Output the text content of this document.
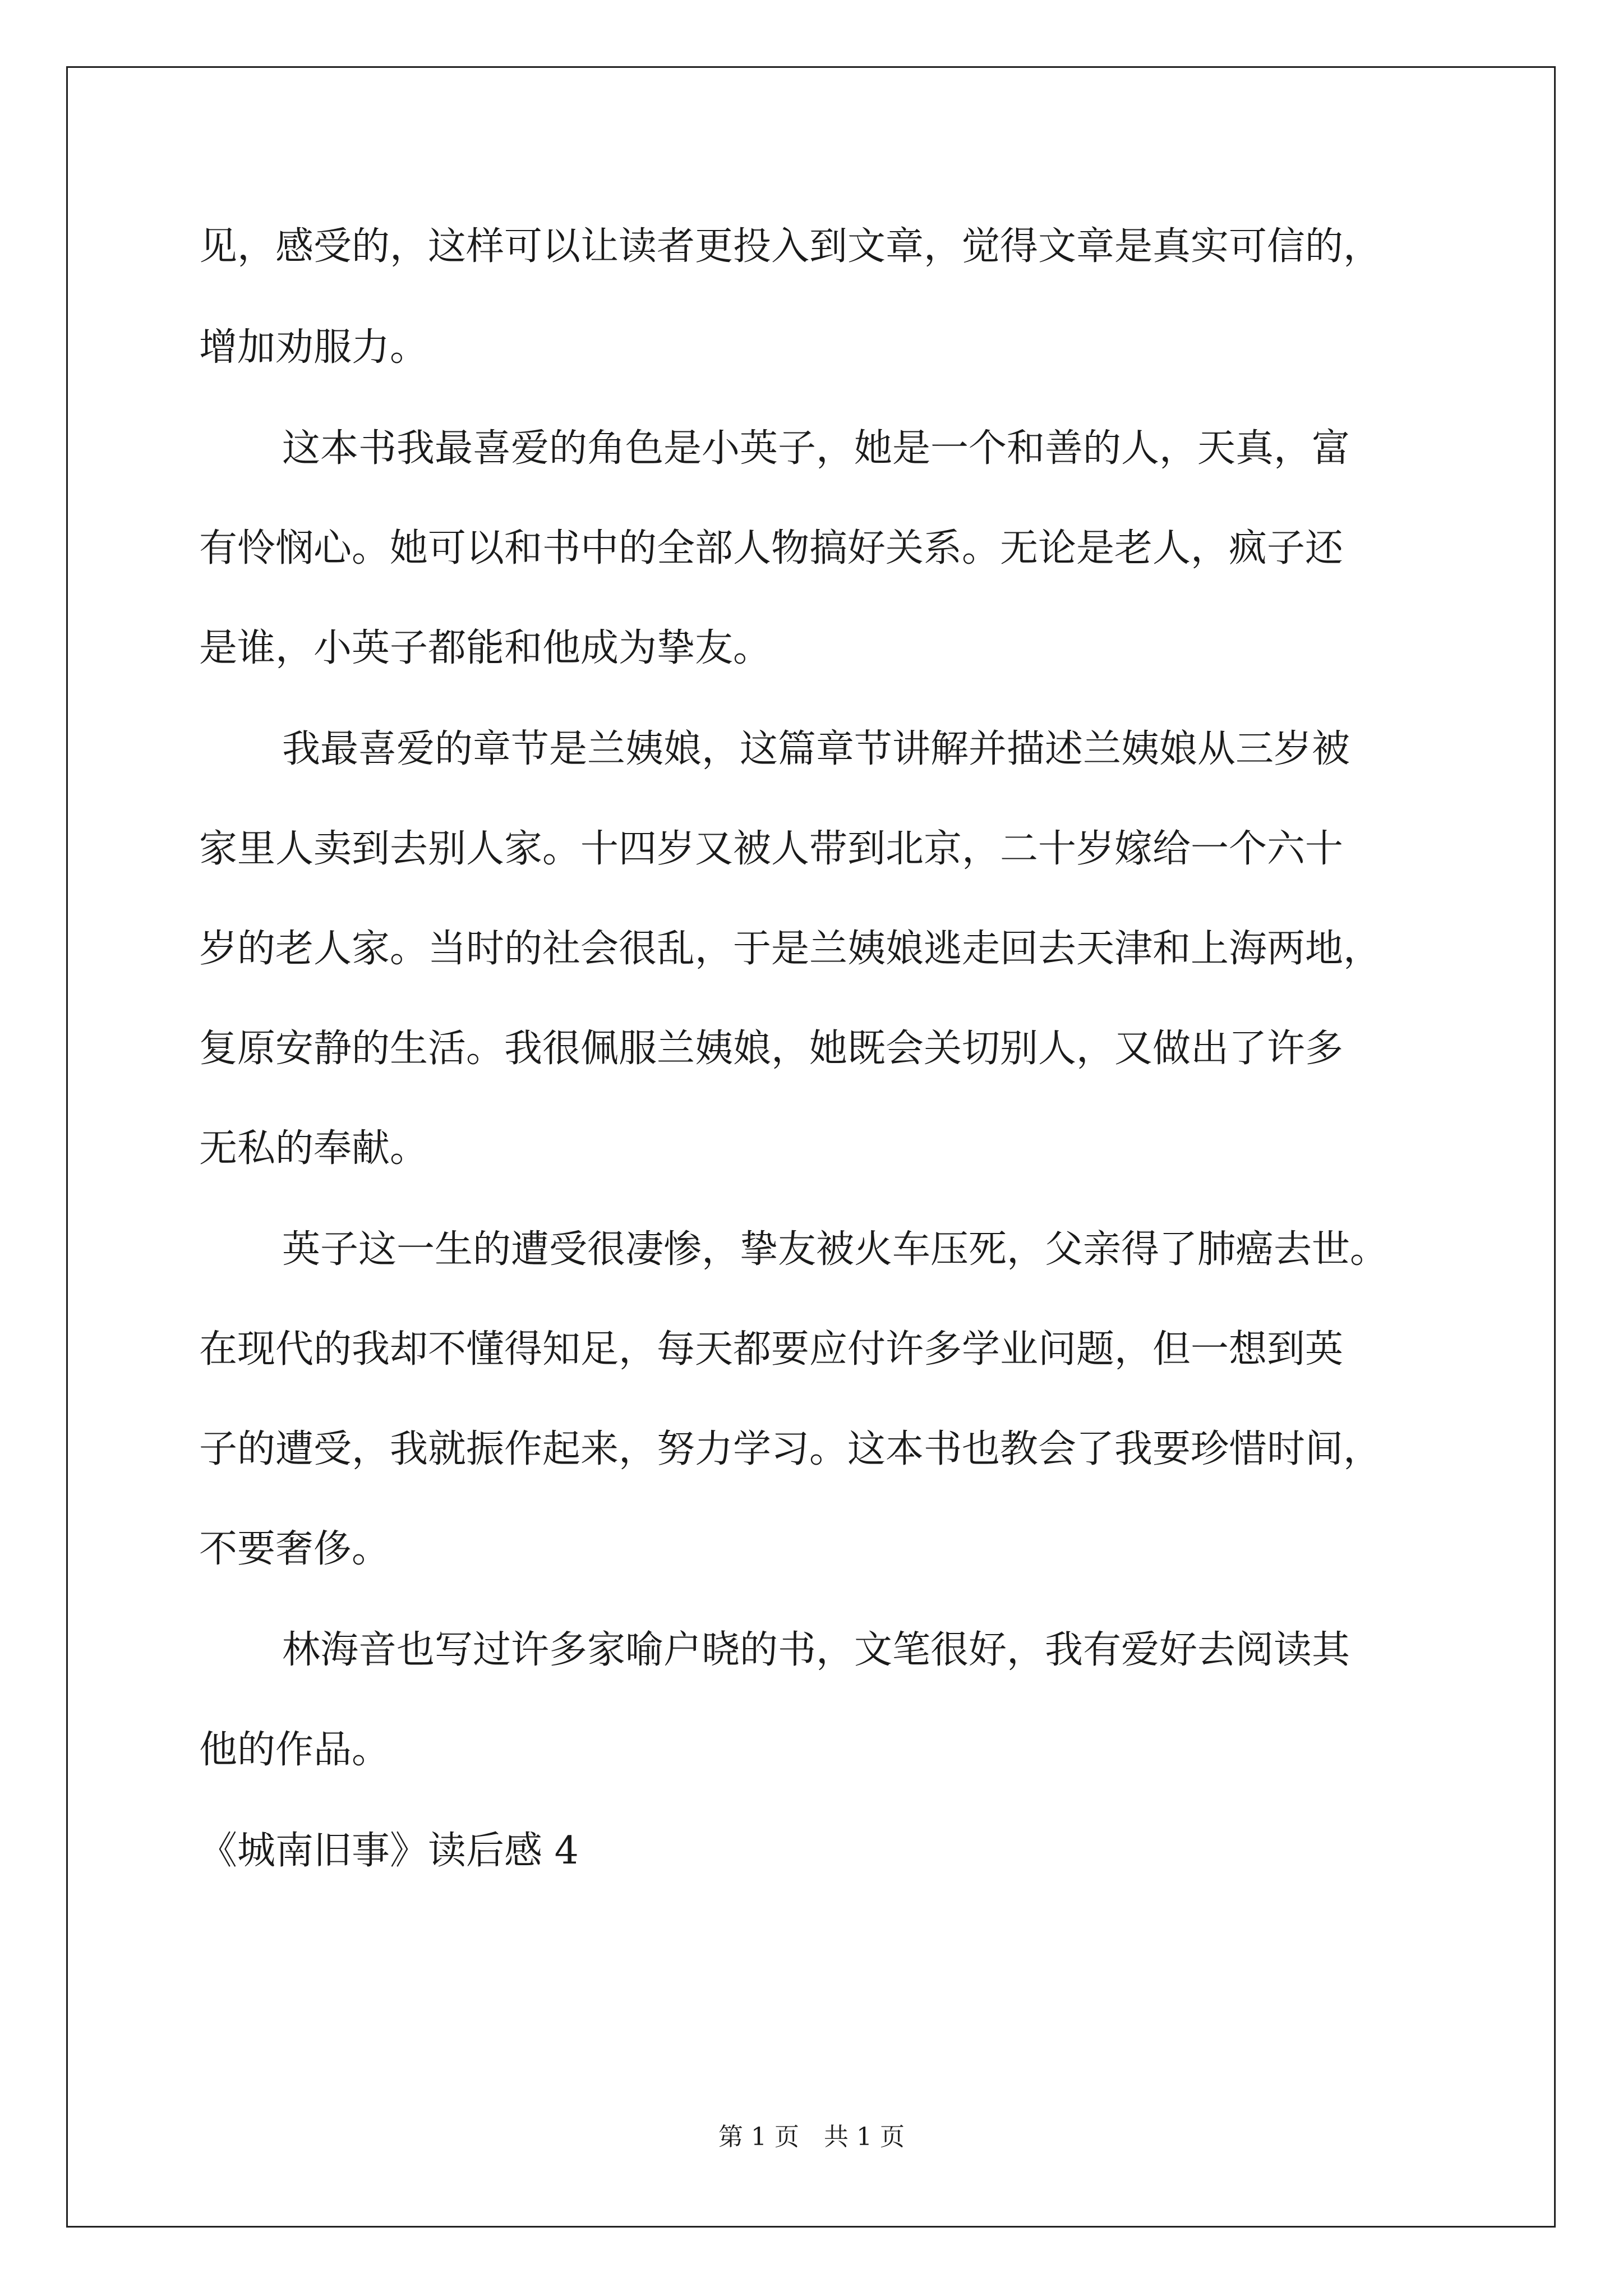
见，感受的，这样可以让读者更投入到文章，觉得文章是真实可信的，
增加劝服力。
这本书我最喜爱的角色是小英子，她是一个和善的人，天真，富
有怜悯心。她可以和书中的全部人物搞好关系。无论是老人，疯子还
是谁，小英子都能和他成为挚友。
我最喜爱的章节是兰姨娘，这篇章节讲解并描述兰姨娘从三岁被
家里人卖到去别人家。十四岁又被人带到北京，二十岁嫁给一个六十
岁的老人家。当时的社会很乱，于是兰姨娘逃走回去天津和上海两地，
复原安静的生活。我很佩服兰姨娘，她既会关切别人，又做出了许多
无私的奉献。
英子这一生的遭受很凄惨，挚友被火车压死，父亲得了肺癌去世。
在现代的我却不懂得知足，每天都要应付许多学业问题，但一想到英
子的遭受，我就振作起来，努力学习。这本书也教会了我要珍惜时间，
不要奢侈。
林海音也写过许多家喻户晓的书，文笔很好，我有爱好去阅读其
他的作品。
《城南旧事》读后感 4
第 1 页　共 1 页
